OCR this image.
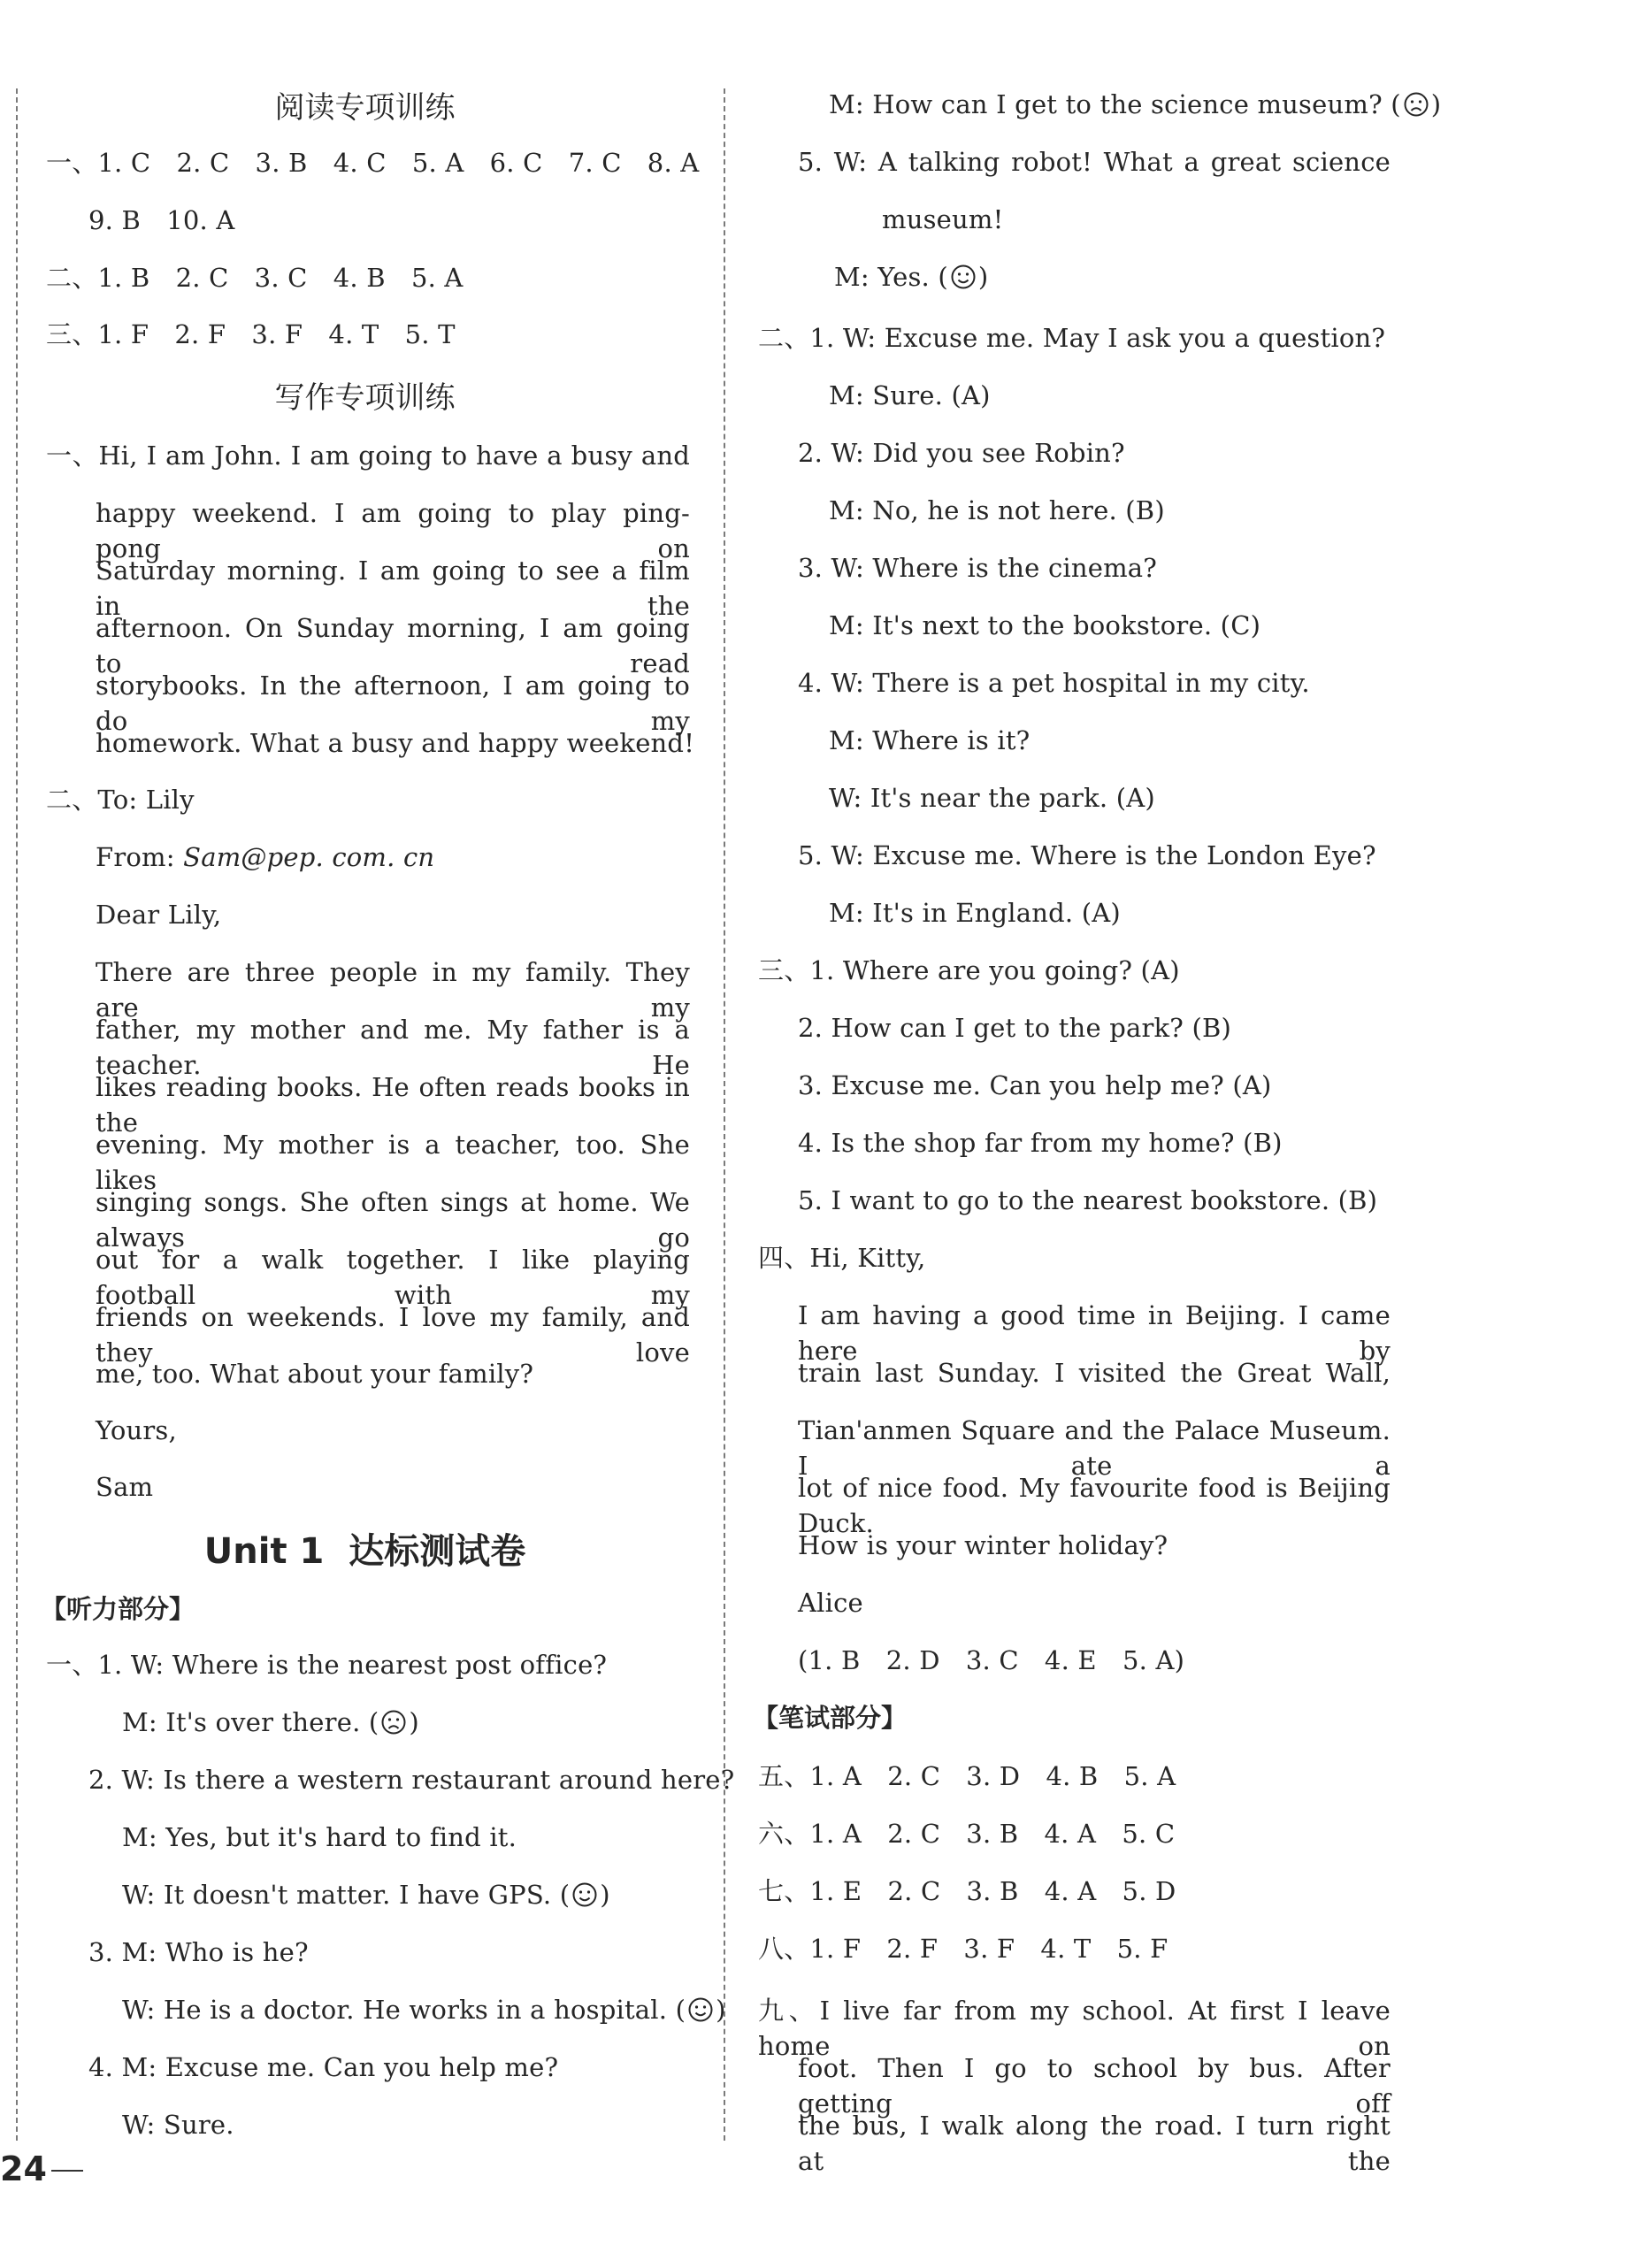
阅读专项训练
一、1. C　2. C　3. B　4. C　5. A　6. C　7. C　8. A
9. B　10. A
二、1. B　2. C　3. C　4. B　5. A
三、1. F　2. F　3. F　4. T　5. T
写作专项训练
一、Hi, I am John. I am going to have a busy and
happy weekend. I am going to play ping-pong on
Saturday morning. I am going to see a film in the
afternoon. On Sunday morning, I am going to read
storybooks. In the afternoon, I am going to do my
homework. What a busy and happy weekend!
二、To: Lily
From: Sam@pep. com. cn
Dear Lily,
There are three people in my family. They are my
father, my mother and me. My father is a teacher. He
likes reading books. He often reads books in the
evening. My mother is a teacher, too. She likes
singing songs. She often sings at home. We always go
out for a walk together. I like playing football with my
friends on weekends. I love my family, and they love
me, too. What about your family?
Yours,
Sam
Unit 1  达标测试卷
【听力部分】
一、1. W: Where is the nearest post office?
M: It's over there. ( )
2. W: Is there a western restaurant around here?
M: Yes, but it's hard to find it.
W: It doesn't matter. I have GPS. ( )
3. M: Who is he?
W: He is a doctor. He works in a hospital. ( )
4. M: Excuse me. Can you help me?
W: Sure.
M: How can I get to the science museum? ( )
5. W: A talking robot! What a great science
museum!
M: Yes. ( )
二、1. W: Excuse me. May I ask you a question?
M: Sure. (A)
2. W: Did you see Robin?
M: No, he is not here. (B)
3. W: Where is the cinema?
M: It's next to the bookstore. (C)
4. W: There is a pet hospital in my city.
M: Where is it?
W: It's near the park. (A)
5. W: Excuse me. Where is the London Eye?
M: It's in England. (A)
三、1. Where are you going? (A)
2. How can I get to the park? (B)
3. Excuse me. Can you help me? (A)
4. Is the shop far from my home? (B)
5. I want to go to the nearest bookstore. (B)
四、Hi, Kitty,
I am having a good time in Beijing. I came here by
train last Sunday. I visited the Great Wall,
Tian'anmen Square and the Palace Museum. I ate a
lot of nice food. My favourite food is Beijing Duck.
How is your winter holiday?
Alice
(1. B　2. D　3. C　4. E　5. A)
【笔试部分】
五、1. A　2. C　3. D　4. B　5. A
六、1. A　2. C　3. B　4. A　5. C
七、1. E　2. C　3. B　4. A　5. D
八、1. F　2. F　3. F　4. T　5. F
九、I live far from my school. At first I leave home on
foot. Then I go to school by bus. After getting off
the bus, I walk along the road. I turn right at the
24
